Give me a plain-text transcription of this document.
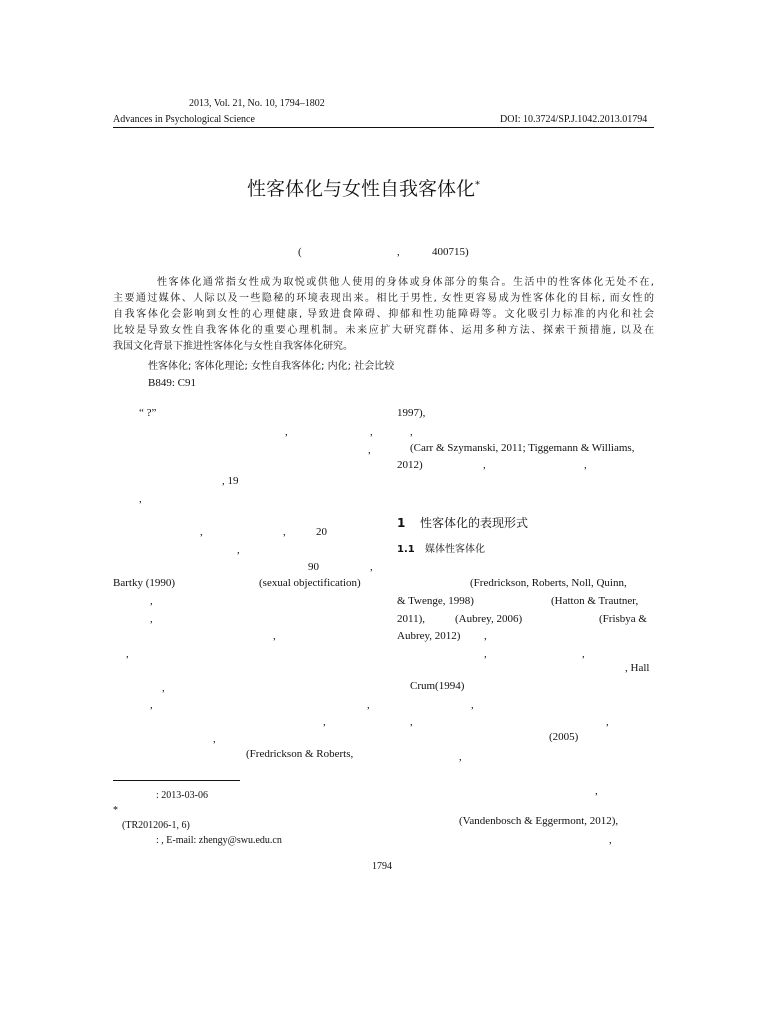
2013, Vol. 21, No. 10, 1794–1802
Advances in Psychological Science	DOI: 10.3724/SP.J.1042.2013.01794
性客体化与女性自我客体化*
(	,	400715)
性客体化通常指女性成为取悦或供他人使用的身体或身体部分的集合。生活中的性客体化无处不在,
主要通过媒体、人际以及一些隐秘的环境表现出来。相比于男性, 女性更容易成为性客体化的目标, 而女性的
自我客体化会影响到女性的心理健康, 导致进食障碍、抑郁和性功能障碍等。文化吸引力标准的内化和社会
比较是导致女性自我客体化的重要心理机制。未来应扩大研究群体、运用多种方法、探索干预措施, 以及在
我国文化背景下推进性客体化与女性自我客体化研究。
性客体化; 客体化理论; 女性自我客体化; 内化; 社会比较
B849: C91
“ ?”
,	,
,
, 19
,
,	,	20
,
90	,
Bartky (1990)	(sexual objectification)
,
,
,
,
,
,	,
,
,
(Fredrickson & Roberts,
1997),
,
(Carr & Szymanski, 2011; Tiggemann & Williams,
2012)	,	,
1 性客体化的表现形式
1.1 媒体性客体化
(Fredrickson, Roberts, Noll, Quinn,
& Twenge, 1998)	(Hatton & Trautner,
2011),	(Aubrey, 2006)	(Frisbya &
Aubrey, 2012) ,
,	,
, Hall
Crum(1994)
,
,	,
(2005)
,
,
(Vandenbosch & Eggermont, 2012),
,
: 2013-03-06
*
(TR201206-1, 6)
: , E-mail: zhengy@swu.edu.cn
1794
